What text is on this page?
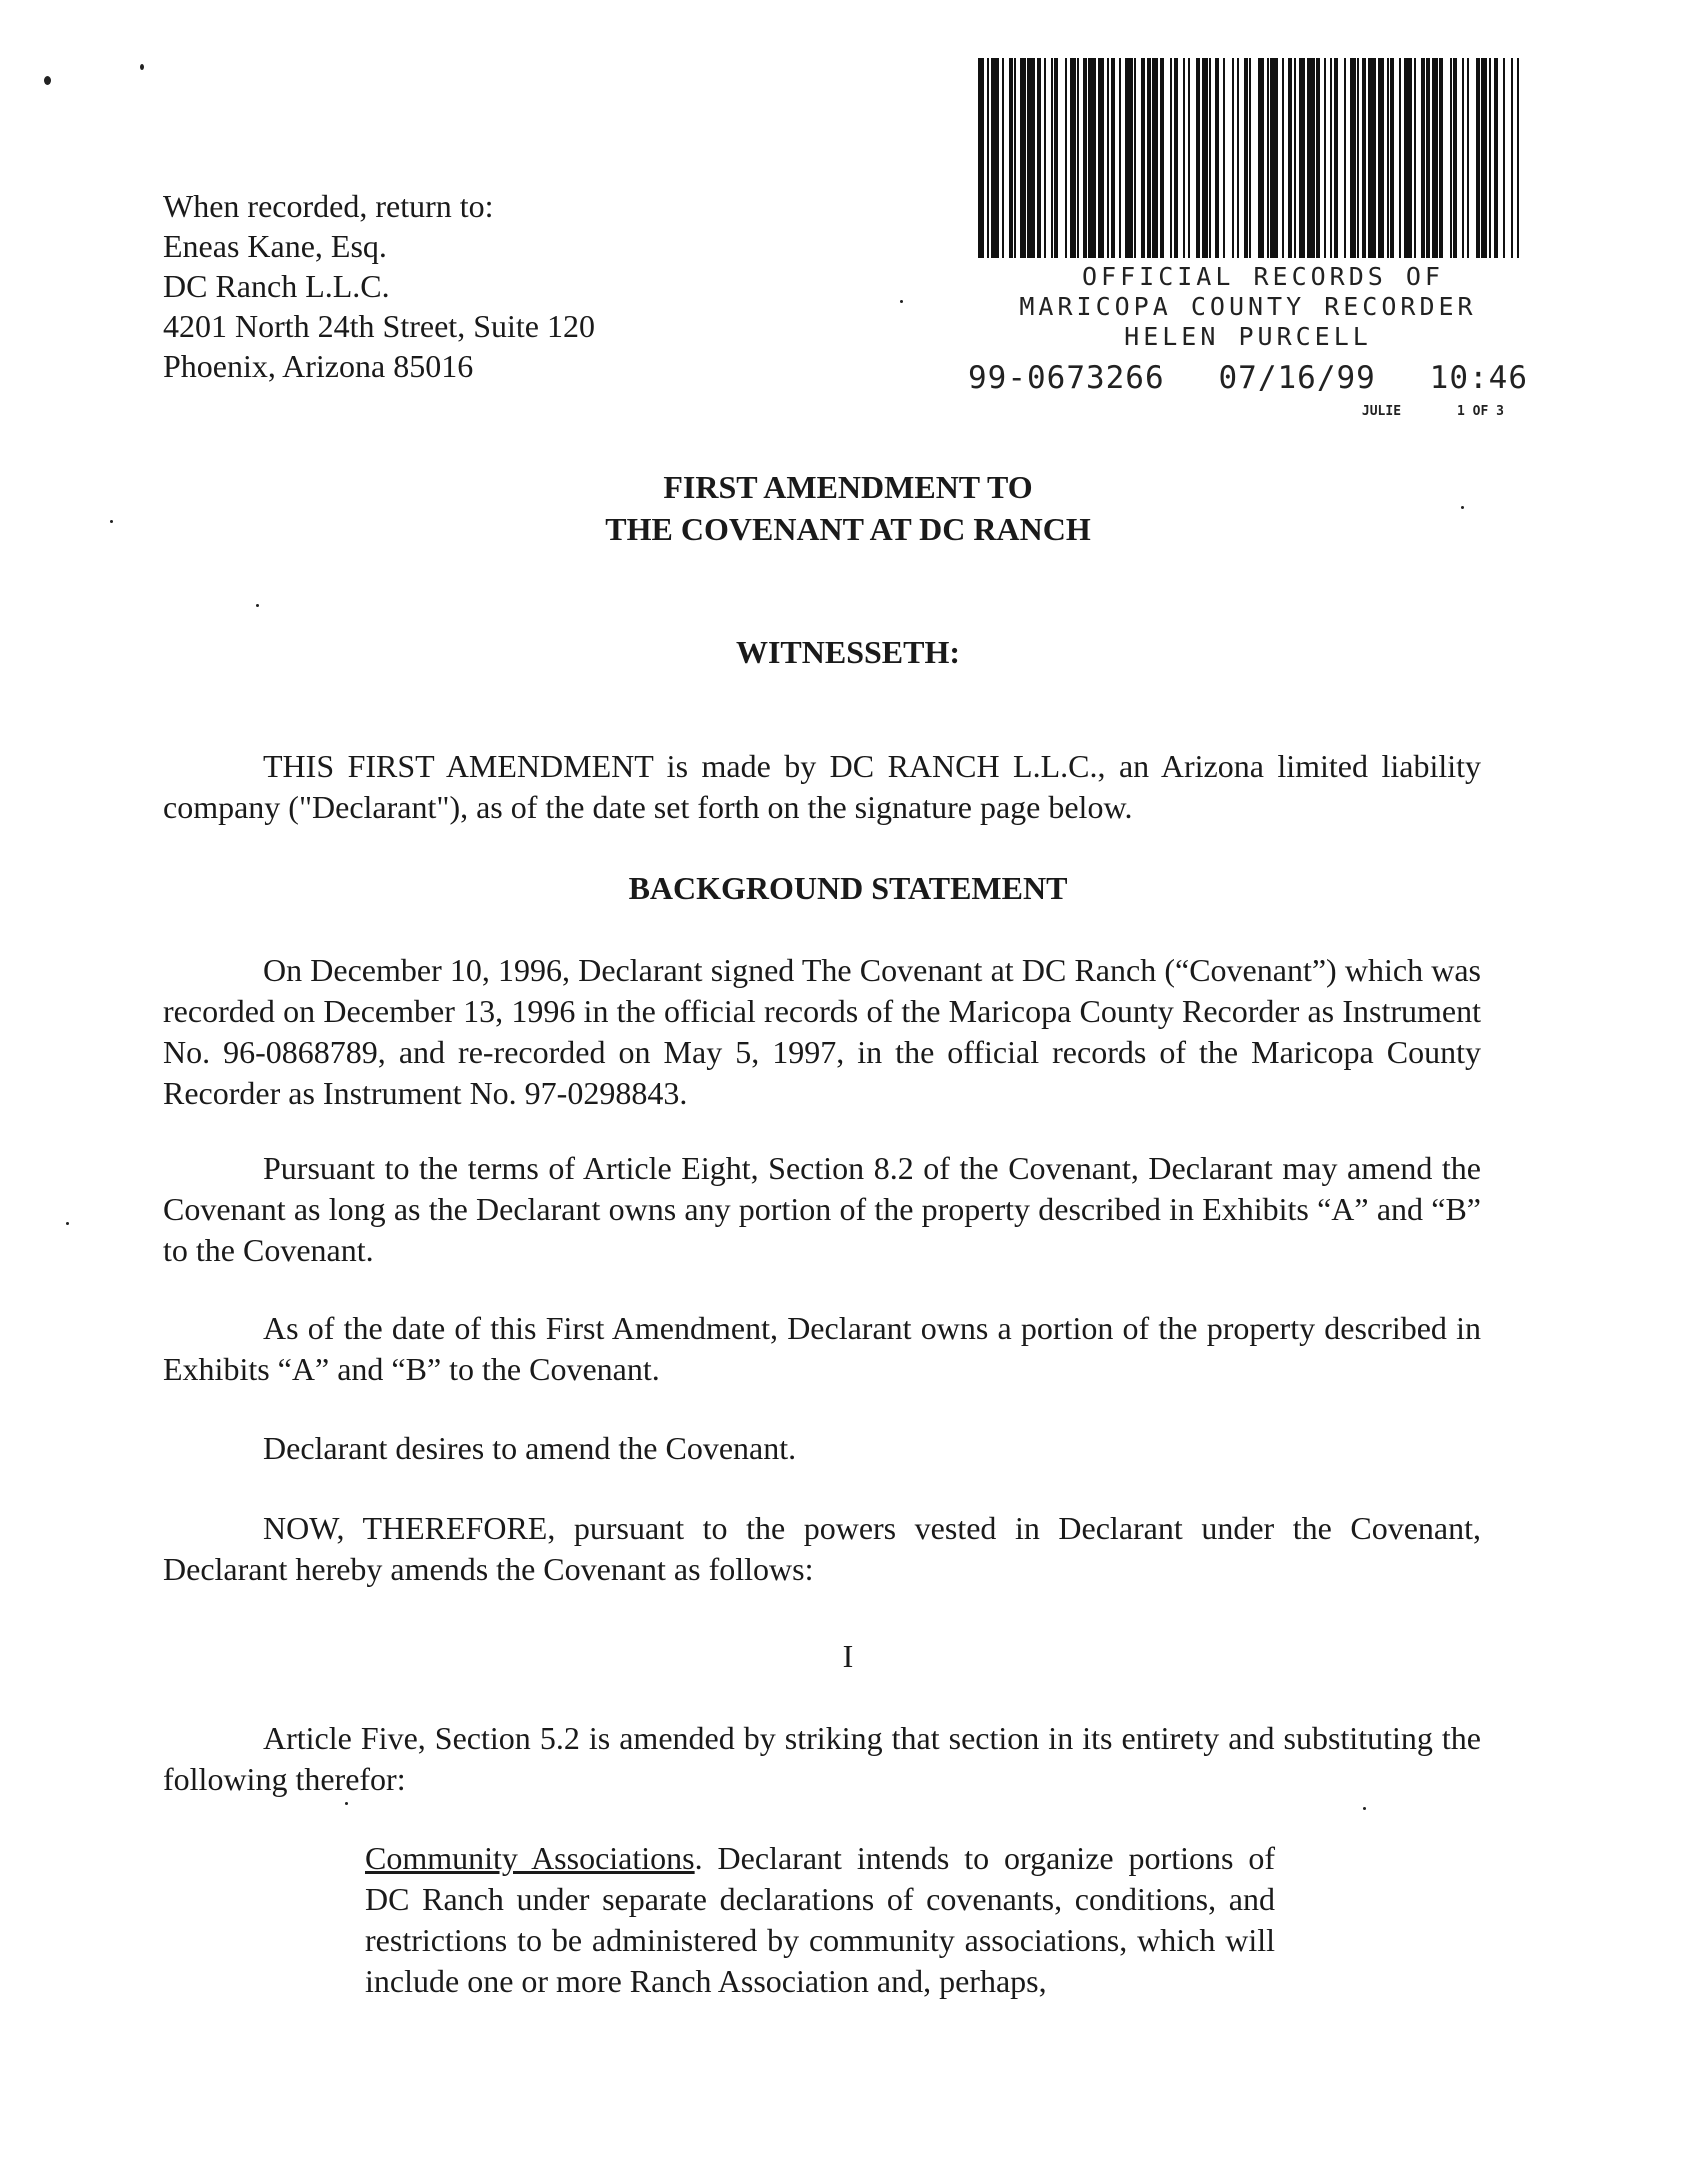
When recorded, return to:
Eneas Kane, Esq.
DC Ranch L.L.C.
4201 North 24th Street, Suite 120
Phoenix, Arizona 85016
OFFICIAL RECORDS OF
MARICOPA COUNTY RECORDER
HELEN PURCELL
99-0673266 07/16/99 10:46
JULIE	1 OF 3
FIRST AMENDMENT TO
THE COVENANT AT DC RANCH
WITNESSETH:
THIS FIRST AMENDMENT is made by DC RANCH L.L.C., an Arizona limited liability company ("Declarant"), as of the date set forth on the signature page below.
BACKGROUND STATEMENT
On December 10, 1996, Declarant signed The Covenant at DC Ranch (“Covenant”) which was recorded on December 13, 1996 in the official records of the Maricopa County Recorder as Instrument No. 96-0868789, and re-recorded on May 5, 1997, in the official records of the Maricopa County Recorder as Instrument No. 97-0298843.
Pursuant to the terms of Article Eight, Section 8.2 of the Covenant, Declarant may amend the Covenant as long as the Declarant owns any portion of the property described in Exhibits “A” and “B” to the Covenant.
As of the date of this First Amendment, Declarant owns a portion of the property described in Exhibits “A” and “B” to the Covenant.
Declarant desires to amend the Covenant.
NOW, THEREFORE, pursuant to the powers vested in Declarant under the Covenant, Declarant hereby amends the Covenant as follows:
I
Article Five, Section 5.2 is amended by striking that section in its entirety and substituting the following therefor:
Community Associations. Declarant intends to organize portions of DC Ranch under separate declarations of covenants, conditions, and restrictions to be administered by community associations, which will include one or more Ranch Association and, perhaps,
